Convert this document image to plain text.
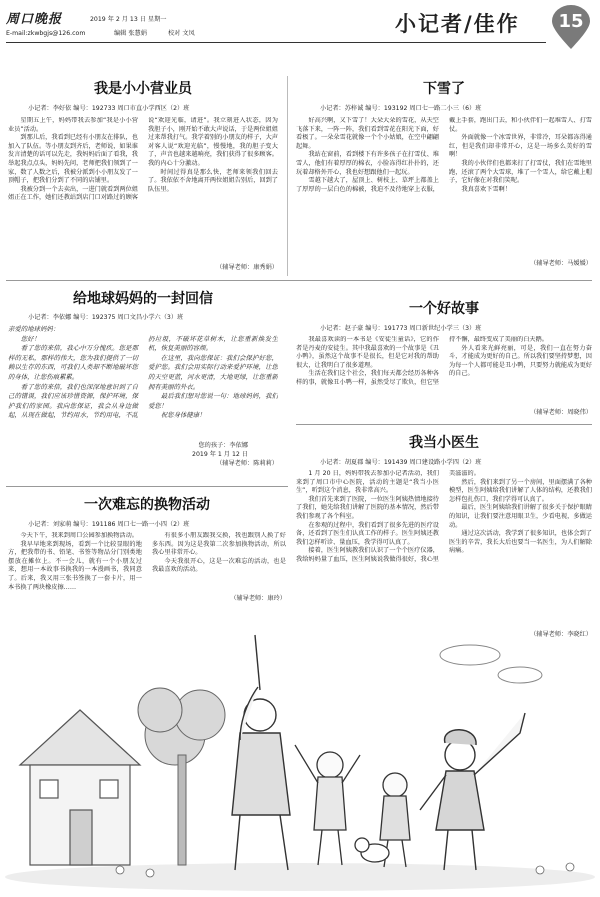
周口晚报	2019 年 2 月 13 日 星期一
E-mail:zkwbgjs@126.com	编辑 张慧娟	校对 文凤	小记者/佳作	15
我是小小营业员
小记者：李好依 编号：192733 周口市直小学西区（2）班

星期五上午，妈妈带我去参加“我是小小营业员”活动。

到那儿后，我看到已经有小朋友在排队，也加入了队伍。等小朋友到齐后，老师说，如果谁发言清楚的话可以先走，我妈妈后面了看我，我举起我点点头，妈妈先问，老师把我们领到了一家，数了人数之后，我被分派到小小朋友发了一顶帽子，把我们分到了不同的店铺里。

我被分到一个去卖出，一进门就看到两位姐姐正在工作，她们还教站到店门口对路过的顾客说“欢迎光临，请进”。我立刻进入状态，因为我胆子小，刚开始不敢大声说话，于是两位姐姐过来帮我打气。我学着别的小朋友的样子，大声对客人说“欢迎光临”，慢慢地，我的胆子变大了，声音也越来越响亮，我们获得了很多顾客。我的内心十分激动。

时间过得真是那么快，老师来领我们回去了。我依依不舍地离开两位姐姐告别后，回到了队伍里。

（辅导老师：康秀娟）
下雪了
小记者：苏梓诚 编号：193192 周口七一路二小三（6）班

好高兴啊，又下雪了！大朵大朵的雪花，从天空飞落下来，一阵一阵，我们看到雪花在阳光下面，好看极了。一朵朵雪花就像一个个小姑娘，在空中翩翩起舞。

我站在窗前，看到楼下有许多孩子在打雪仗、堆雪人，他们有着厚厚的棉衣，小脸冻得红扑扑的，还玩着却格外开心，我也好想跟他们一起玩。

雪越下越大了，屋顶上、树枝上、草坪上都盖上了厚厚的一层白色的棉被，我迫不及待地穿上衣服，戴上手套，跑出门去，和小伙伴们一起堆雪人、打雪仗。

外面就像一个冰雪世界，非常冷，耳朵都冻得通红，但是我们却非常开心，这是一场多么美好的雪啊！

我的小伙伴们也都来打了打雪仗，我们在雪地里跑，还滚了两个大雪球，堆了一个雪人，给它戴上帽子，它好像在对我们笑呢。

我真喜欢下雪啊！

（辅导老师：马媛媛）
给地球妈妈的一封回信
小记者：李依娜 编号：192375 周口文昌小学六（3）班
亲爱的地球妈妈：

您好！

看了您的来信，我心中万分愧疚。您是那样的无私，那样的伟大，您为我们提供了一切赖以生存的东西，可我们人类却不断地破坏您的身体，让您伤痕累累。

看了您的来信，我们也深深地意识到了自己的错误，我们应该珍惜资源，保护环境，保护我们的家园。我向您保证，我会从身边做起，从现在做起，节约用水，节约用电，不乱扔垃圾，不破坏花草树木，让您重新焕发生机，恢复美丽的容颜。

在这里，我向您保证：我们会保护好您，爱护您。我们会用实际行动来爱护环境，让您的天空更蓝，河水更清，大地更绿，让您重新拥有美丽的外衣。

最后我们想对您说一句：地球妈妈，我们爱您！

祝您身体健康！

您的孩子：李依娜
2019 年 1 月 12 日
（辅导老师：陈莉莉）
一个好故事
小记者：赵子豪 编号：191773 周口新世纪小学三（3）班

我最喜欢读的一本书是《安徒生童话》，它的作者是丹麦的安徒生。其中我最喜欢的一个故事是《丑小鸭》，虽然这个故事不是很长，但是它对我的帮助很大，让我明白了很多道理。

生活在我们这个社会，我们每天都会经历各种各样的事，就像丑小鸭一样，虽然受尽了欺负，但它坚持不懈，最终变成了美丽的白天鹅。

外人看来光鲜亮丽，可是，我们一直在努力奋斗，才能成为更好的自己。所以我们要坚持梦想，因为每一个人都可能是丑小鸭，只要努力就能成为更好的自己。

（辅导老师：周晓伟）
我当小医生
小记者：胡夏郡 编号：191439 周口建设路小学四（2）班

1 月 20 日，妈妈带我去参加小记者活动，我们来到了周口市中心医院，活动的主题是“我当小医生”，听到这个消息，我非常高兴。

我们首先来到了医院，一位医生阿姨热情地接待了我们，她先给我们讲解了医院的基本情况，然后带我们参观了各个科室。

在参观的过程中，我们看到了很多先进的医疗设备，还看到了医生们认真工作的样子。医生阿姨还教我们怎样听诊、量血压，我学得可认真了。

接着，医生阿姨教我们认识了一个个医疗仪器，我给妈妈量了血压，医生阿姨说我做得很好，我心里美滋滋的。

然后，我们来到了另一个房间，里面摆满了各种模型，医生阿姨给我们讲解了人体的结构，还教我们怎样包扎伤口，我们学得可认真了。

最后，医生阿姨给我们讲解了很多关于保护眼睛的知识，让我们要注意用眼卫生，少看电视，多做运动。

通过这次活动，我学到了很多知识，也体会到了医生的辛苦，我长大后也要当一名医生，为人们解除病痛。

（辅导老师：李晓红）
一次难忘的换物活动
小记者：刘家萌 编号：191186 周口七一路一小四（2）班

今天下午，我来到周口公园参加换物活动。

我早早地来到现场，看到一个比较显眼的地方，把我带的书、铅笔、书签等物品分门别类地摆放在摊位上。不一会儿，就有一个小朋友过来，想用一本故事书换我的一本漫画书，我同意了。后来，我又用三张书签换了一套卡片，用一本书换了两块橡皮擦……

有很多小朋友跟我交换，我也跟别人换了好多东西。因为这是我第二次参加换物活动，所以我心里非常开心。

今天我很开心，这是一次难忘的活动，也是我最喜欢的活动。

（辅导老师：康玲）
